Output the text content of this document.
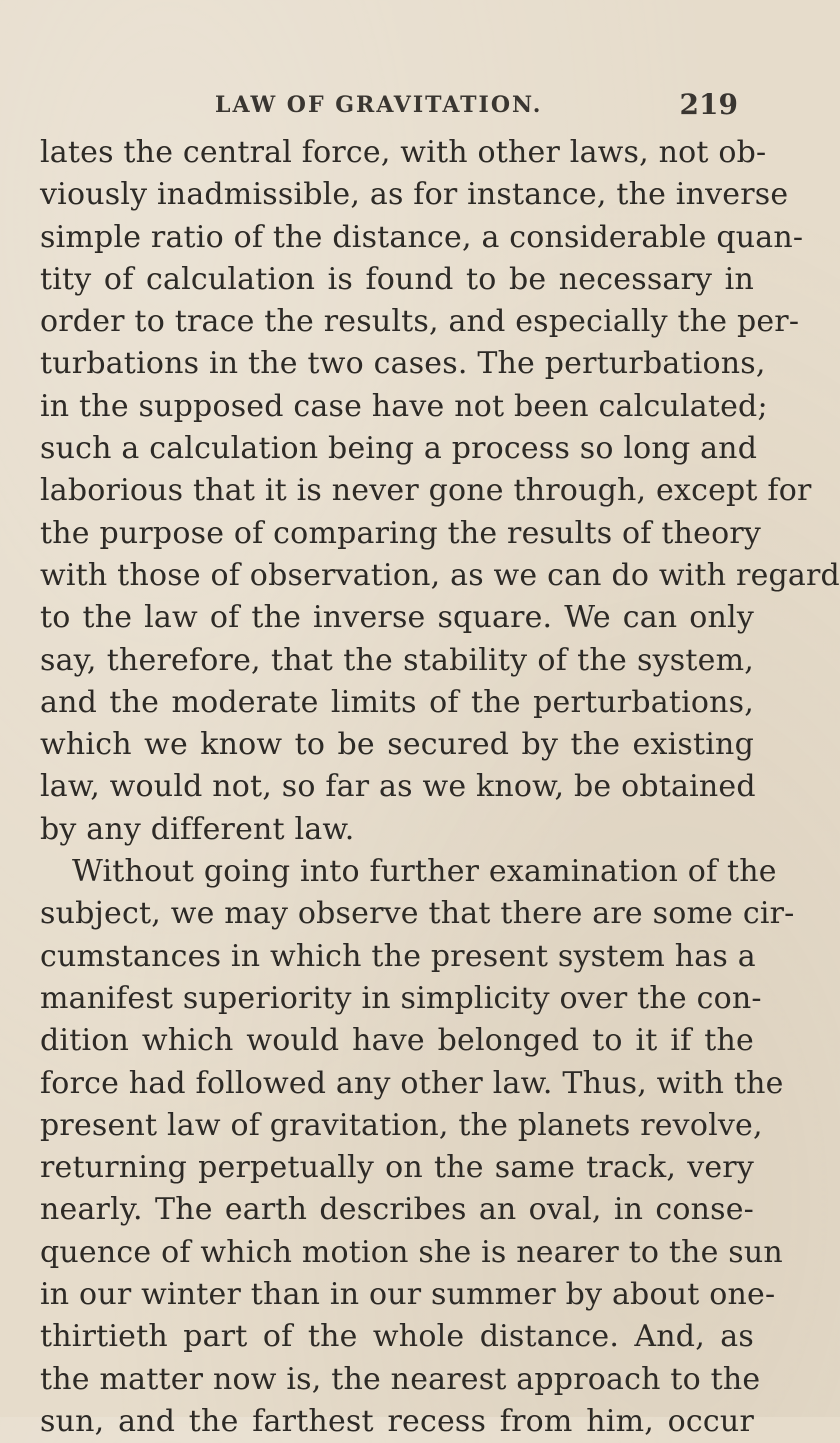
LAW OF GRAVITATION.	219
lates the central force, with other laws, not ob-
viously inadmissible, as for instance, the inverse
simple ratio of the distance, a considerable quan-
tity of calculation is found to be necessary in
order to trace the results, and especially the per-
turbations in the two cases. The perturbations,
in the supposed case have not been calculated;
such a calculation being a process so long and
laborious that it is never gone through, except for
the purpose of comparing the results of theory
with those of observation, as we can do with regard
to the law of the inverse square. We can only
say, therefore, that the stability of the system,
and the moderate limits of the perturbations,
which we know to be secured by the existing
law, would not, so far as we know, be obtained
by any different law.
Without going into further examination of the
subject, we may observe that there are some cir-
cumstances in which the present system has a
manifest superiority in simplicity over the con-
dition which would have belonged to it if the
force had followed any other law. Thus, with the
present law of gravitation, the planets revolve,
returning perpetually on the same track, very
nearly. The earth describes an oval, in conse-
quence of which motion she is nearer to the sun
in our winter than in our summer by about one-
thirtieth part of the whole distance. And, as
the matter now is, the nearest approach to the
sun, and the farthest recess from him, occur
